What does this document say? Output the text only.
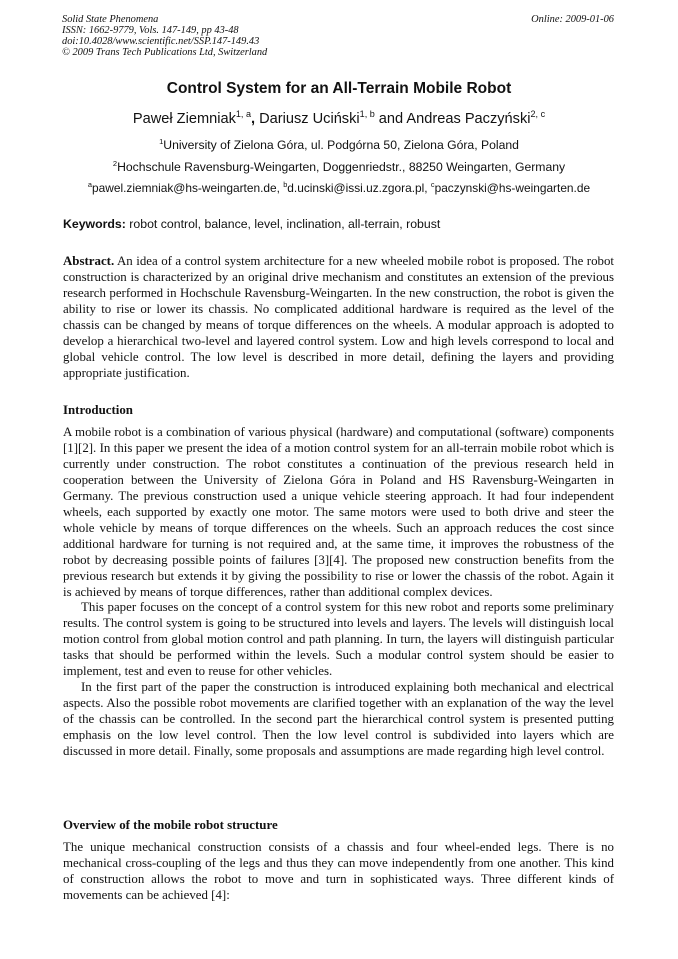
Solid State Phenomena
ISSN: 1662-9779, Vols. 147-149, pp 43-48
doi:10.4028/www.scientific.net/SSP.147-149.43
© 2009 Trans Tech Publications Ltd, Switzerland
Online: 2009-01-06
Control System for an All-Terrain Mobile Robot
Paweł Ziemniak$^{1, a}$, Dariusz Uciński$^{1, b}$ and Andreas Paczyński$^{2, c}$
$^1$University of Zielona Góra, ul. Podgórna 50, Zielona Góra, Poland
$^2$Hochschule Ravensburg-Weingarten, Doggenriedstr., 88250 Weingarten, Germany
$^a$pawel.ziemniak@hs-weingarten.de, $^b$d.ucinski@issi.uz.zgora.pl, $^c$paczynski@hs-weingarten.de
Keywords: robot control, balance, level, inclination, all-terrain, robust

Abstract. An idea of a control system architecture for a new wheeled mobile robot is proposed. The robot construction is characterized by an original drive mechanism and constitutes an extension of the previous research performed in Hochschule Ravensburg-Weingarten. In the new construction, the robot is given the ability to rise or lower its chassis. No complicated additional hardware is required as the level of the chassis can be changed by means of torque differences on the wheels. A modular approach is adopted to develop a hierarchical two-level and layered control system. Low and high levels correspond to local and global vehicle control. The low level is described in more detail, defining the layers and providing appropriate justification.

Introduction

A mobile robot is a combination of various physical (hardware) and computational (software) components [1][2]. In this paper we present the idea of a motion control system for an all-terrain mobile robot which is currently under construction. The robot constitutes a continuation of the previous research held in cooperation between the University of Zielona Góra in Poland and HS Ravensburg-Weingarten in Germany. The previous construction used a unique vehicle steering approach. It had four independent wheels, each supported by exactly one motor. The same motors were used to both drive and steer the whole vehicle by means of torque differences on the wheels. Such an approach reduces the cost since additional hardware for turning is not required and, at the same time, it improves the robustness of the robot by decreasing possible points of failures [3][4]. The proposed new construction benefits from the previous research but extends it by giving the possibility to rise or lower the chassis of the robot. Again it is achieved by means of torque differences, rather than additional complex devices.

This paper focuses on the concept of a control system for this new robot and reports some preliminary results. The control system is going to be structured into levels and layers. The levels will distinguish local motion control from global motion control and path planning. In turn, the layers will distinguish particular tasks that should be performed within the levels. Such a modular control system should be easier to implement, test and even to reuse for other vehicles.

In the first part of the paper the construction is introduced explaining both mechanical and electrical aspects. Also the possible robot movements are clarified together with an explanation of the way the level of the chassis can be controlled. In the second part the hierarchical control system is presented putting emphasis on the low level control. Then the low level control is subdivided into layers which are discussed in more detail. Finally, some proposals and assumptions are made regarding high level control.

Overview of the mobile robot structure

The unique mechanical construction consists of a chassis and four wheel-ended legs. There is no mechanical cross-coupling of the legs and thus they can move independently from one another. This kind of construction allows the robot to move and turn in sophisticated ways. Three different kinds of movements can be achieved [4]:
